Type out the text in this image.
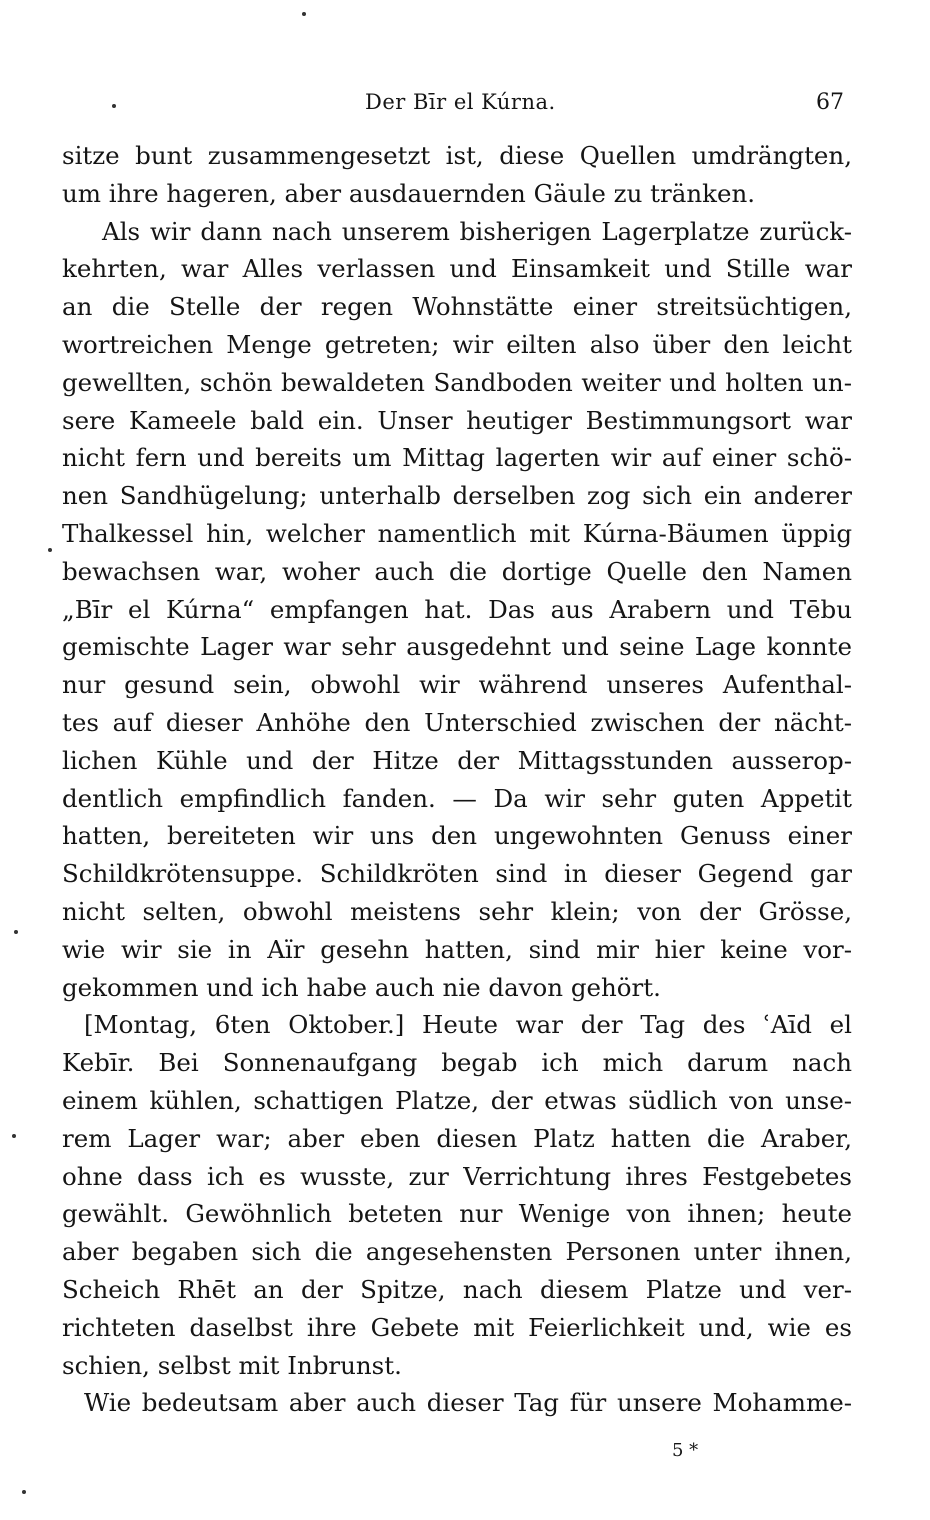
Der Bīr el Kúrna.	67
sitze bunt zusammengesetzt ist, diese Quellen umdrängten,
um ihre hageren, aber ausdauernden Gäule zu tränken.
Als wir dann nach unserem bisherigen Lagerplatze zurück-
kehrten, war Alles verlassen und Einsamkeit und Stille war
an die Stelle der regen Wohnstätte einer streitsüchtigen,
wortreichen Menge getreten; wir eilten also über den leicht
gewellten, schön bewaldeten Sandboden weiter und holten un-
sere Kameele bald ein. Unser heutiger Bestimmungsort war
nicht fern und bereits um Mittag lagerten wir auf einer schö-
nen Sandhügelung; unterhalb derselben zog sich ein anderer
Thalkessel hin, welcher namentlich mit Kúrna-Bäumen üppig
bewachsen war, woher auch die dortige Quelle den Namen
„Bīr el Kúrna“ empfangen hat. Das aus Arabern und Tēbu
gemischte Lager war sehr ausgedehnt und seine Lage konnte
nur gesund sein, obwohl wir während unseres Aufenthal-
tes auf dieser Anhöhe den Unterschied zwischen der nächt-
lichen Kühle und der Hitze der Mittagsstunden ausserор-
dentlich empfindlich fanden. — Da wir sehr guten Appetit
hatten, bereiteten wir uns den ungewohnten Genuss einer
Schildkrötensuppe. Schildkröten sind in dieser Gegend gar
nicht selten, obwohl meistens sehr klein; von der Grösse,
wie wir sie in Aïr gesehn hatten, sind mir hier keine vor-
gekommen und ich habe auch nie davon gehört.
[Montag, 6ten Oktober.] Heute war der Tag des ʿAīd el
Kebīr. Bei Sonnenaufgang begab ich mich darum nach
einem kühlen, schattigen Platze, der etwas südlich von unse-
rem Lager war; aber eben diesen Platz hatten die Araber,
ohne dass ich es wusste, zur Verrichtung ihres Festgebetes
gewählt. Gewöhnlich beteten nur Wenige von ihnen; heute
aber begaben sich die angesehensten Personen unter ihnen,
Scheich Rhēt an der Spitze, nach diesem Platze und ver-
richteten daselbst ihre Gebete mit Feierlichkeit und, wie es
schien, selbst mit Inbrunst.
Wie bedeutsam aber auch dieser Tag für unsere Mohamme-
5 *
